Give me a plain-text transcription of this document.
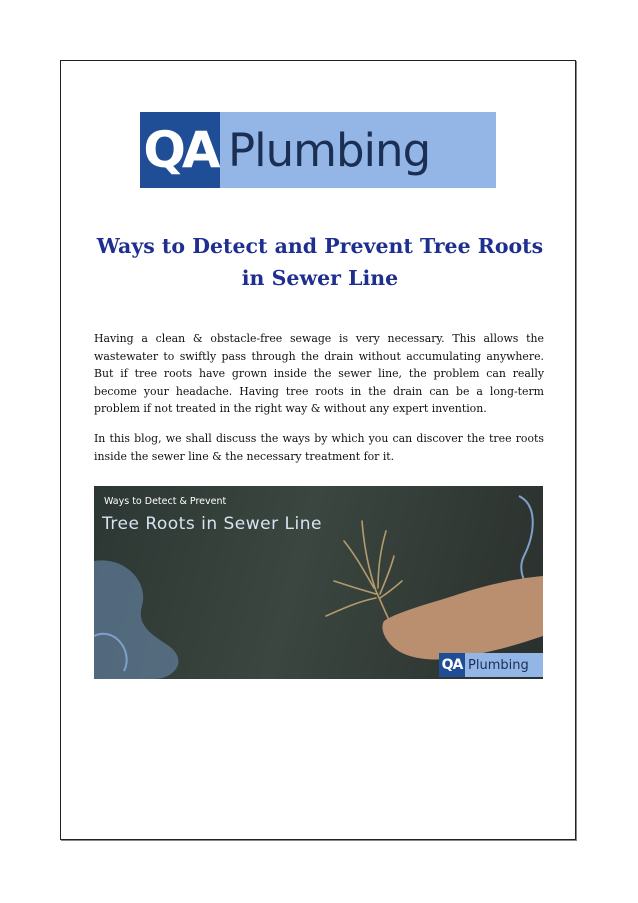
QA Plumbing
Ways to Detect and Prevent Tree Roots in Sewer Line

Having a clean & obstacle-free sewage is very necessary. This allows the wastewater to swiftly pass through the drain without accumulating anywhere. But if tree roots have grown inside the sewer line, the problem can really become your headache. Having tree roots in the drain can be a long-term problem if not treated in the right way & without any expert invention.

In this blog, we shall discuss the ways by which you can discover the tree roots inside the sewer line & the necessary treatment for it.

Ways to Detect & Prevent
Tree Roots in Sewer Line
QA Plumbing
